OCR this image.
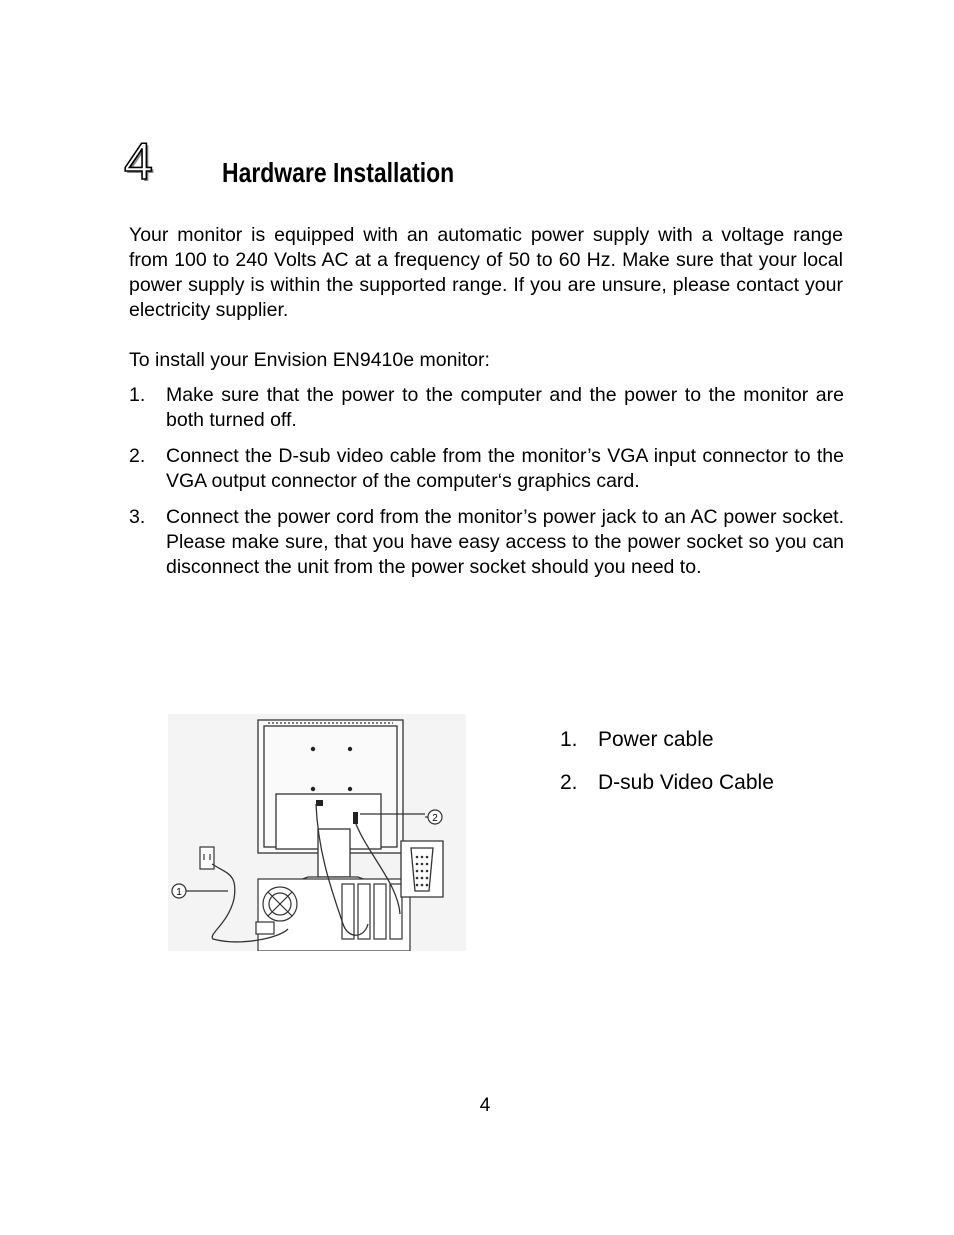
4 Hardware Installation

Your monitor is equipped with an automatic power supply with a voltage range from 100 to 240 Volts AC at a frequency of 50 to 60 Hz. Make sure that your local power supply is within the supported range. If you are unsure, please contact your electricity supplier.

To install your Envision EN9410e monitor:

1.	Make sure that the power to the computer and the power to the monitor are both turned off.
2.	Connect the D-sub video cable from the monitor’s VGA input connector to the VGA output connector of the computer‘s graphics card.
3.	Connect the power cord from the monitor’s power jack to an AC power socket. Please make sure, that you have easy access to the power socket so you can disconnect the unit from the power socket should you need to.
1
2
1. Power cable
2. D-sub Video Cable
4
